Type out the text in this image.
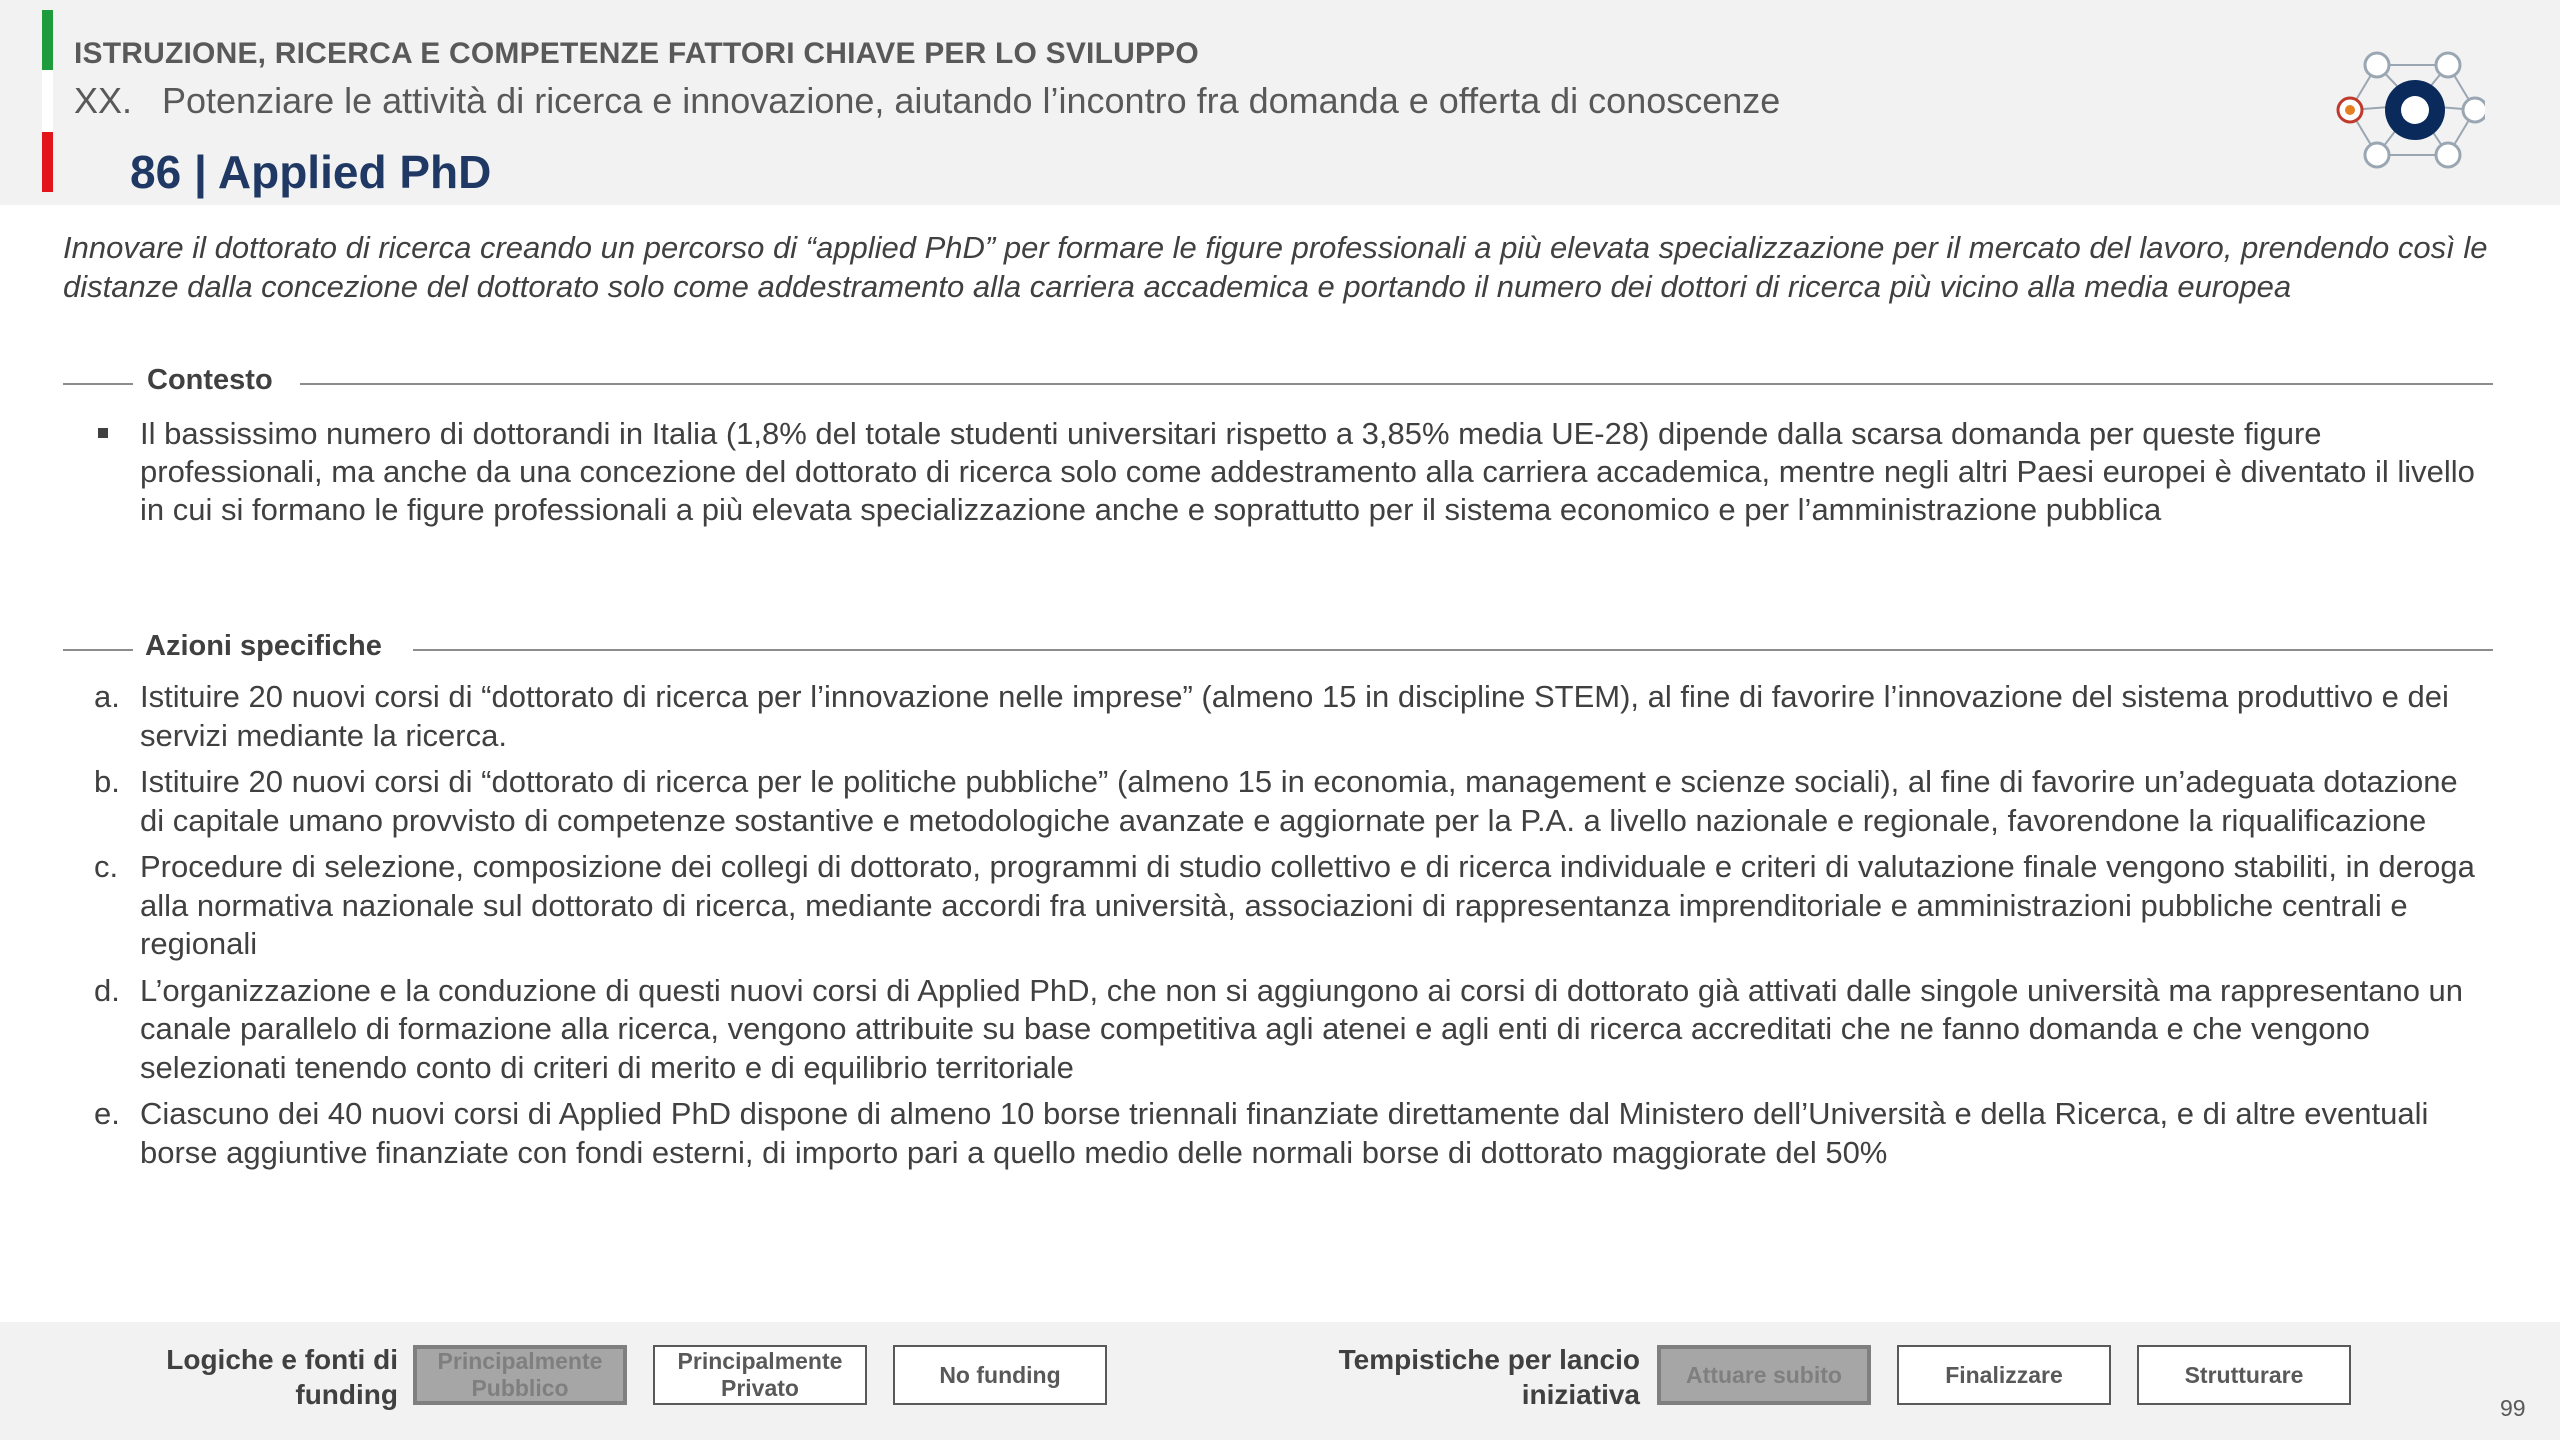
ISTRUZIONE, RICERCA E COMPETENZE FATTORI CHIAVE PER LO SVILUPPO
XX. Potenziare le attività di ricerca e innovazione, aiutando l’incontro fra domanda e offerta di conoscenze
86 | Applied PhD
Innovare il dottorato di ricerca creando un percorso di “applied PhD” per formare le figure professionali a più elevata specializzazione per il mercato del lavoro, prendendo così le distanze dalla concezione del dottorato solo come addestramento alla carriera accademica e portando il numero dei dottori di ricerca più vicino alla media europea
Contesto
Il bassissimo numero di dottorandi in Italia (1,8% del totale studenti universitari rispetto a 3,85% media UE-28) dipende dalla scarsa domanda per queste figure professionali, ma anche da una concezione del dottorato di ricerca solo come addestramento alla carriera accademica, mentre negli altri Paesi europei è diventato il livello in cui si formano le figure professionali a più elevata specializzazione anche e soprattutto per il sistema economico e per l’amministrazione pubblica
Azioni specifiche
a. Istituire 20 nuovi corsi di “dottorato di ricerca per l’innovazione nelle imprese” (almeno 15 in discipline STEM), al fine di favorire l’innovazione del sistema produttivo e dei servizi mediante la ricerca.
b. Istituire 20 nuovi corsi di “dottorato di ricerca per le politiche pubbliche” (almeno 15 in economia, management e scienze sociali), al fine di favorire un’adeguata dotazione di capitale umano provvisto di competenze sostantive e metodologiche avanzate e aggiornate per la P.A. a livello nazionale e regionale, favorendone la riqualificazione
c. Procedure di selezione, composizione dei collegi di dottorato, programmi di studio collettivo e di ricerca individuale e criteri di valutazione finale vengono stabiliti, in deroga alla normativa nazionale sul dottorato di ricerca, mediante accordi fra università, associazioni di rappresentanza imprenditoriale e amministrazioni pubbliche centrali e regionali
d. L’organizzazione e la conduzione di questi nuovi corsi di Applied PhD, che non si aggiungono ai corsi di dottorato già attivati dalle singole università ma rappresentano un canale parallelo di formazione alla ricerca, vengono attribuite su base competitiva agli atenei e agli enti di ricerca accreditati che ne fanno domanda e che vengono selezionati tenendo conto di criteri di merito e di equilibrio territoriale
e. Ciascuno dei 40 nuovi corsi di Applied PhD dispone di almeno 10 borse triennali finanziate direttamente dal Ministero dell’Università e della Ricerca, e di altre eventuali borse aggiuntive finanziate con fondi esterni, di importo pari a quello medio delle normali borse di dottorato maggiorate del 50%
Logiche e fonti di funding
Principalmente Pubblico
Principalmente Privato
No funding	Tempistiche per lancio iniziativa
Attuare subito	Finalizzare	Strutturare
99
